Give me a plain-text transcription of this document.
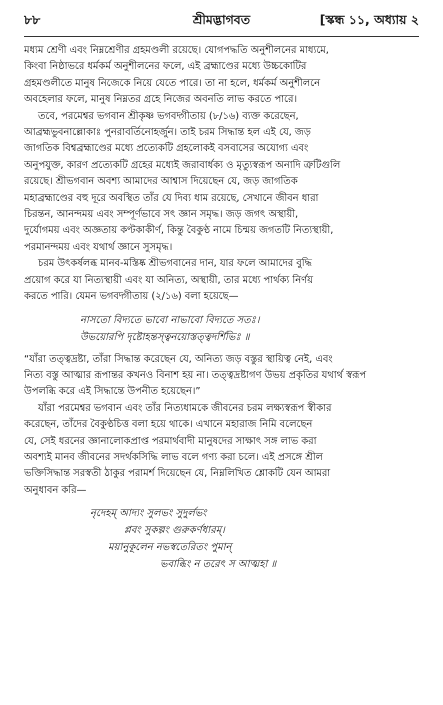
৮৮	শ্রীমদ্ভাগবত	[স্কন্ধ ১১, অধ্যায় ২
মধ্যম শ্রেণী এবং নিম্নশ্রেণীর গ্রহমণ্ডলী রয়েছে। যোগপদ্ধতি অনুশীলনের মাধ্যমে,
কিংবা নিষ্ঠাভরে ধর্মকর্ম অনুশীলনের ফলে, এই ব্রহ্মাণ্ডের মধ্যে উচ্চকোটির
গ্রহমণ্ডলীতে মানুষ নিজেকে নিয়ে যেতে পারে। তা না হলে, ধর্মকর্ম অনুশীলনে
অবহেলার ফলে, মানুষ নিম্নতর গ্রহে নিজের অবনতি লাভ করতে পারে।
তবে, পরমেশ্বর ভগবান শ্রীকৃষ্ণ ভগবদ্গীতায় (৮/১৬) ব্যক্ত করেছেন,
আব্রহ্মভুবনাল্লোকাঃ পুনরাবর্তিনোহর্জুন। তাই চরম সিদ্ধান্ত হল এই যে, জড়
জাগতিক বিশ্বব্রহ্মাণ্ডের মধ্যে প্রত্যেকটি গ্রহলোকই বসবাসের অযোগ্য এবং
অনুপযুক্ত, কারণ প্রত্যেকটি গ্রহের মধ্যেই জরাবার্ধক্য ও মৃত্যুস্বরূপ অনাদি ত্রুটিগুলি
রয়েছে। শ্রীভগবান অবশ্য আমাদের আশ্বাস দিয়েছেন যে, জড় জাগতিক
মহাব্রহ্মাণ্ডের বহু দূরে অবস্থিত তাঁর যে দিব্য ধাম রয়েছে, সেখানে জীবন ধারা
চিরন্তন, আনন্দময় এবং সম্পূর্ণভাবে সৎ জ্ঞান সমৃদ্ধ। জড় জগৎ অস্থায়ী,
দুর্যোগময় এবং অজ্ঞতায় কণ্টকাকীর্ণ, কিন্তু বৈকুণ্ঠ নামে চিন্ময় জগতটি নিত্যস্থায়ী,
পরমানন্দময় এবং যথার্থ জ্ঞানে সুসমৃদ্ধ।
চরম উৎকর্ষলব্ধ মানব-মস্তিষ্ক শ্রীভগবানের দান, যার ফলে আমাদের বুদ্ধি
প্রয়োগ করে যা নিত্যস্থায়ী এবং যা অনিত্য, অস্থায়ী, তার মধ্যে পার্থক্য নির্ণয়
করতে পারি। যেমন ভগবদ্গীতায় (২/১৬) বলা হয়েছে—
নাসতো বিদ্যতে ভাবো নাভাবো বিদ্যতে সতঃ।
উভয়োরপি দৃষ্টোহন্তস্ত্বনয়োস্তত্ত্বদর্শিভিঃ ॥
“যাঁরা তত্ত্বদ্রষ্টা, তাঁরা সিদ্ধান্ত করেছেন যে, অনিত্য জড় বস্তুর স্থায়িত্ব নেই, এবং
নিত্য বস্তু আত্মার রূপান্তর কখনও বিনাশ হয় না। তত্ত্বদ্রষ্টাগণ উভয় প্রকৃতির যথার্থ স্বরূপ
উপলব্ধি করে এই সিদ্ধান্তে উপনীত হয়েছেন।”
যাঁরা পরমেশ্বর ভগবান এবং তাঁর নিত্যধামকে জীবনের চরম লক্ষ্যস্বরূপ স্বীকার
করেছেন, তাঁদের বৈকুণ্ঠচিত্ত বলা হয়ে থাকে। এখানে মহারাজ নিমি বলেছেন
যে, সেই ধরনের জ্ঞানালোকপ্রাপ্ত পরমার্থবাদী মানুষদের সাক্ষাৎ সঙ্গ লাভ করা
অবশ্যই মানব জীবনের সদর্থকসিদ্ধি লাভ বলে গণ্য করা চলে। এই প্রসঙ্গে শ্রীল
ভক্তিসিদ্ধান্ত সরস্বতী ঠাকুর পরামর্শ দিয়েছেন যে, নিম্নলিখিত শ্লোকটি যেন আমরা
অনুধাবন করি—
নৃদেহম্ আদ্যং সুলভং সুদুর্লভং
প্লবং সুকল্পং গুরুকর্ণধারম্।
ময়ানুকূলেন নভস্বতেরিতং পুমান্
ভবাব্ধিং ন তরেৎ স আত্মহা ॥
